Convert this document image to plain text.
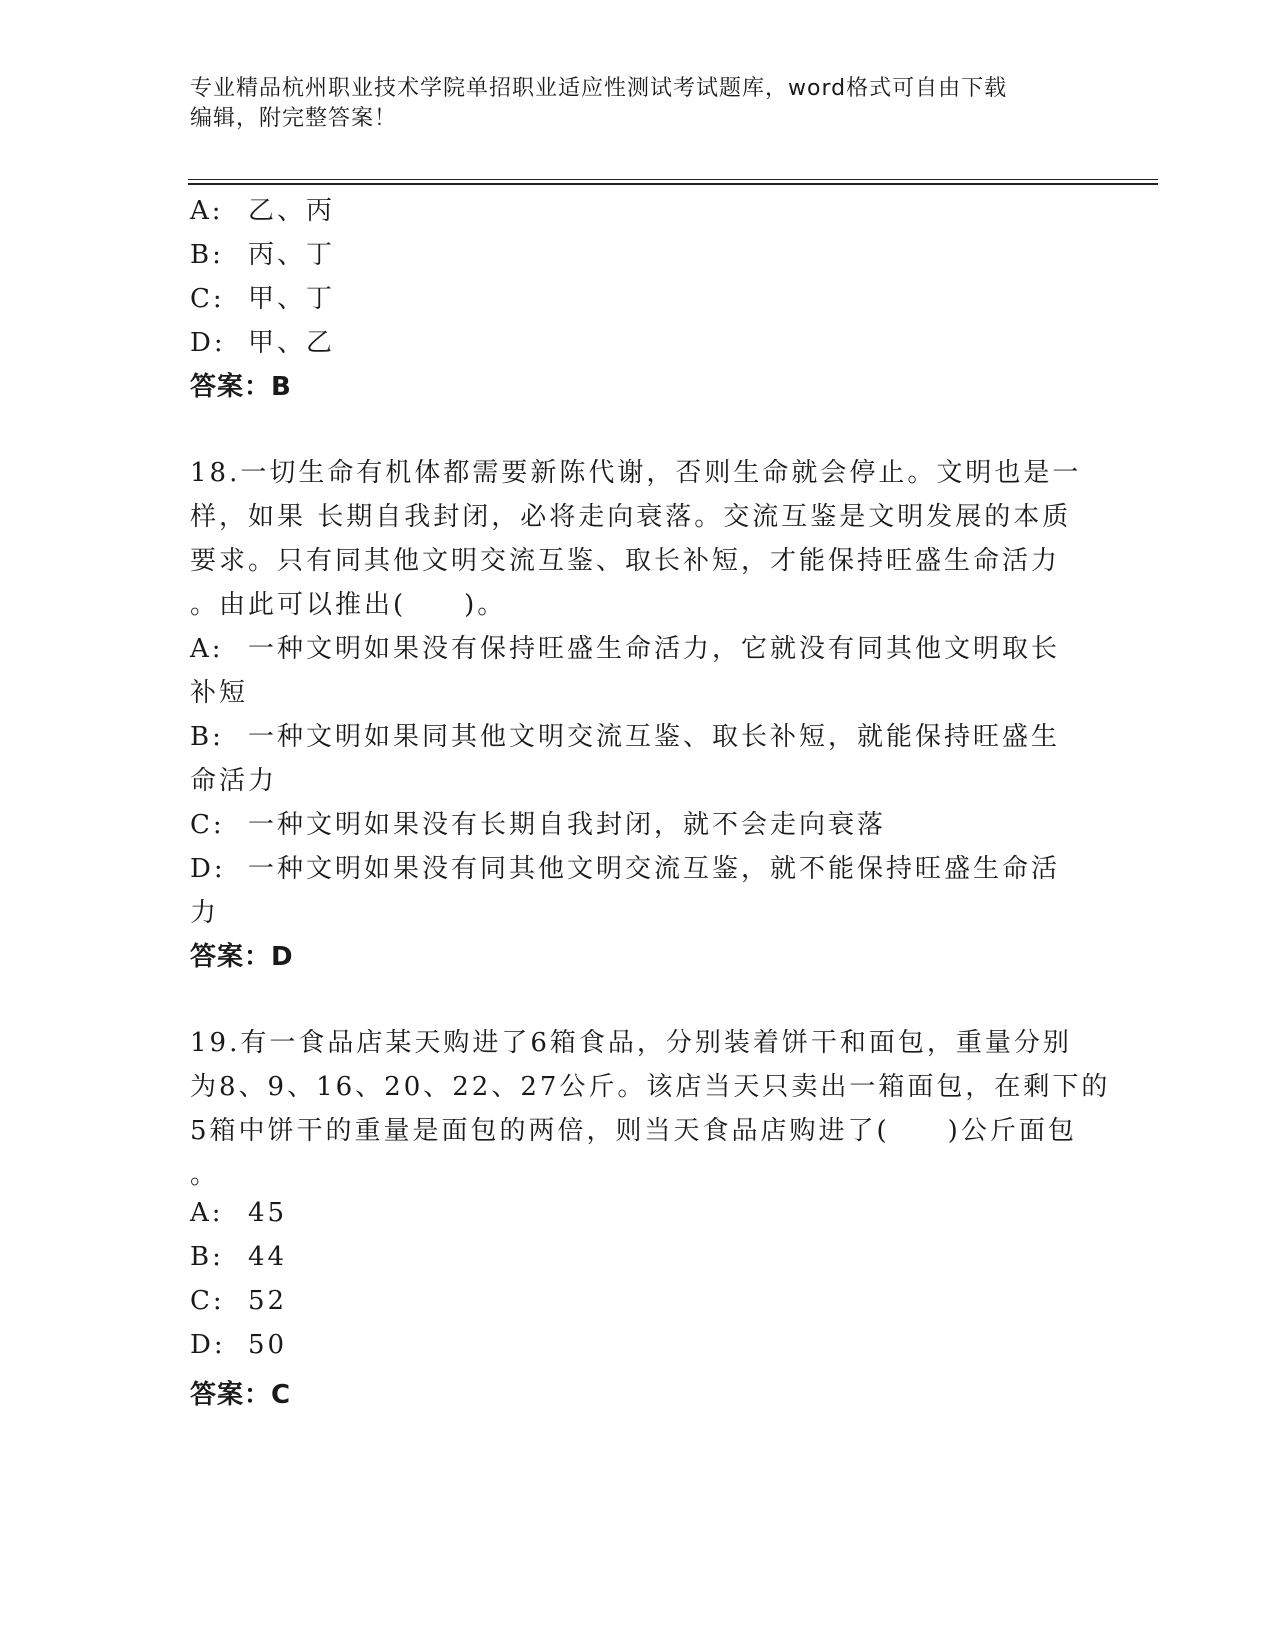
专业精品杭州职业技术学院单招职业适应性测试考试题库，word格式可自由下载
编辑，附完整答案！
A: 乙、丙
B: 丙、丁
C: 甲、丁
D: 甲、乙
答案：B
18.一切生命有机体都需要新陈代谢，否则生命就会停止。文明也是一
样，如果 长期自我封闭，必将走向衰落。交流互鉴是文明发展的本质
要求。只有同其他文明交流互鉴、取长补短，才能保持旺盛生命活力
。由此可以推出(　　)。
A: 一种文明如果没有保持旺盛生命活力，它就没有同其他文明取长
补短
B: 一种文明如果同其他文明交流互鉴、取长补短，就能保持旺盛生
命活力
C: 一种文明如果没有长期自我封闭，就不会走向衰落
D: 一种文明如果没有同其他文明交流互鉴，就不能保持旺盛生命活
力
答案：D
19.有一食品店某天购进了6箱食品，分别装着饼干和面包，重量分别
为8、9、16、20、22、27公斤。该店当天只卖出一箱面包，在剩下的
5箱中饼干的重量是面包的两倍，则当天食品店购进了(　　)公斤面包
。
A: 45
B: 44
C: 52
D: 50
答案：C
